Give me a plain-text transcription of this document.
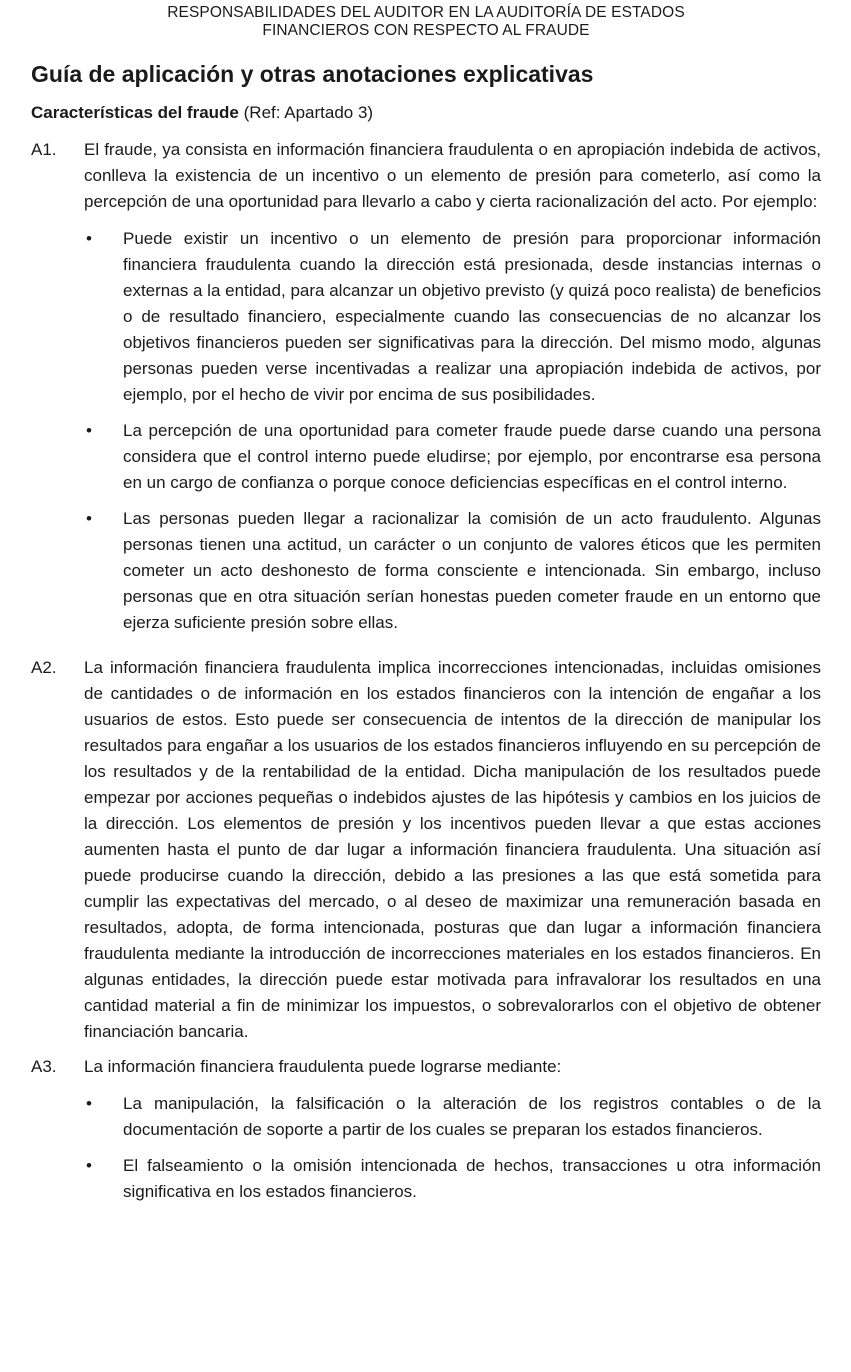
RESPONSABILIDADES DEL AUDITOR EN LA AUDITORÍA DE ESTADOS
FINANCIEROS CON RESPECTO AL FRAUDE
Guía de aplicación y otras anotaciones explicativas

Características del fraude (Ref: Apartado 3)

A1.	El fraude, ya consista en información financiera fraudulenta o en apropiación indebida de activos, conlleva la existencia de un incentivo o un elemento de presión para cometerlo, así como la percepción de una oportunidad para llevarlo a cabo y cierta racionalización del acto. Por ejemplo:

•	Puede existir un incentivo o un elemento de presión para proporcionar información financiera fraudulenta cuando la dirección está presionada, desde instancias internas o externas a la entidad, para alcanzar un objetivo previsto (y quizá poco realista) de beneficios o de resultado financiero, especialmente cuando las consecuencias de no alcanzar los objetivos financieros pueden ser significativas para la dirección. Del mismo modo, algunas personas pueden verse incentivadas a realizar una apropiación indebida de activos, por ejemplo, por el hecho de vivir por encima de sus posibilidades.
•	La percepción de una oportunidad para cometer fraude puede darse cuando una persona considera que el control interno puede eludirse; por ejemplo, por encontrarse esa persona en un cargo de confianza o porque conoce deficiencias específicas en el control interno.
•	Las personas pueden llegar a racionalizar la comisión de un acto fraudulento. Algunas personas tienen una actitud, un carácter o un conjunto de valores éticos que les permiten cometer un acto deshonesto de forma consciente e intencionada. Sin embargo, incluso personas que en otra situación serían honestas pueden cometer fraude en un entorno que ejerza suficiente presión sobre ellas.
A2.	La información financiera fraudulenta implica incorrecciones intencionadas, incluidas omisiones de cantidades o de información en los estados financieros con la intención de engañar a los usuarios de estos. Esto puede ser consecuencia de intentos de la dirección de manipular los resultados para engañar a los usuarios de los estados financieros influyendo en su percepción de los resultados y de la rentabilidad de la entidad. Dicha manipulación de los resultados puede empezar por acciones pequeñas o indebidos ajustes de las hipótesis y cambios en los juicios de la dirección. Los elementos de presión y los incentivos pueden llevar a que estas acciones aumenten hasta el punto de dar lugar a información financiera fraudulenta. Una situación así puede producirse cuando la dirección, debido a las presiones a las que está sometida para cumplir las expectativas del mercado, o al deseo de maximizar una remuneración basada en resultados, adopta, de forma intencionada, posturas que dan lugar a información financiera fraudulenta mediante la introducción de incorrecciones materiales en los estados financieros. En algunas entidades, la dirección puede estar motivada para infravalorar los resultados en una cantidad material a fin de minimizar los impuestos, o sobrevalorarlos con el objetivo de obtener financiación bancaria.

A3.	La información financiera fraudulenta puede lograrse mediante:

•	La manipulación, la falsificación o la alteración de los registros contables o de la documentación de soporte a partir de los cuales se preparan los estados financieros.
•	El falseamiento o la omisión intencionada de hechos, transacciones u otra información significativa en los estados financieros.
